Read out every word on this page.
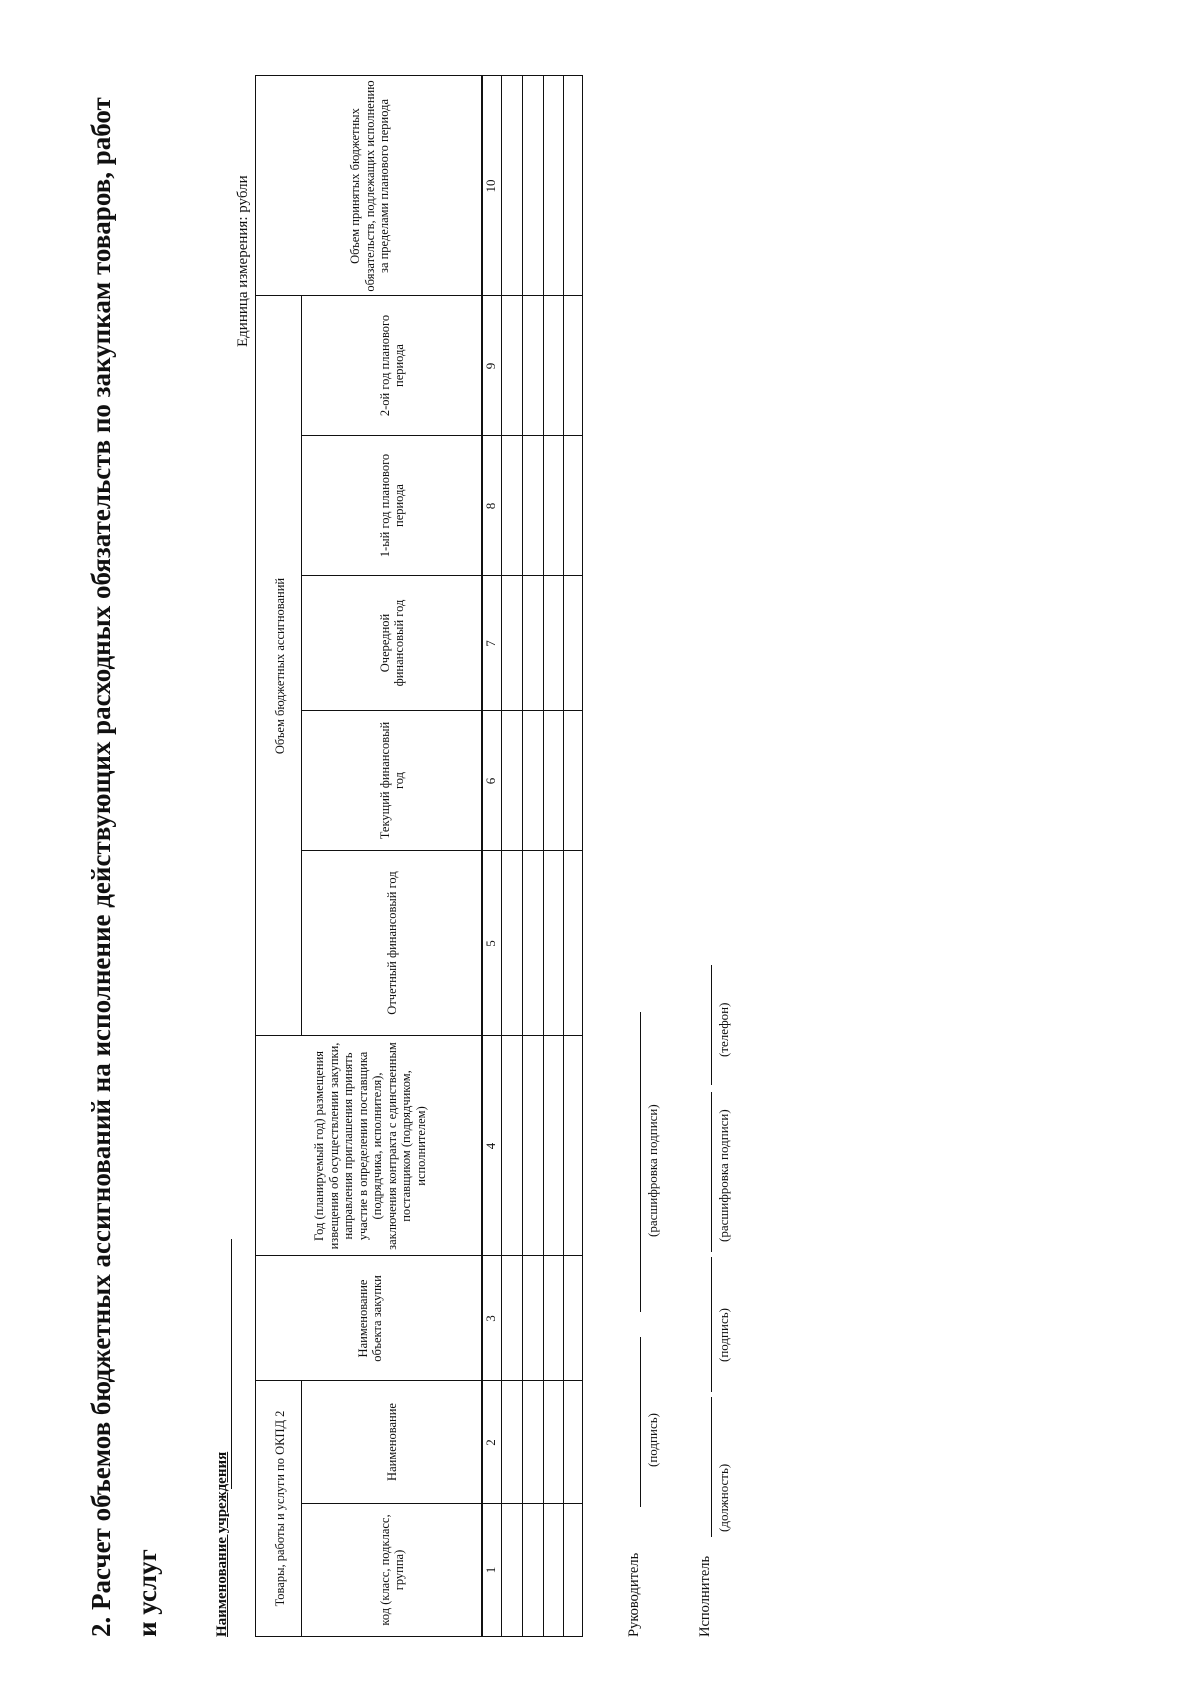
2. Расчет объемов бюджетных ассигнований на исполнение действующих расходных обязательств по закупкам товаров, работ и услуг	Наименование учреждения
Единица измерения: рубли
Товары, работы и услуги по ОКПД 2	код (класс, подкласс, группа)
Наименование
Наименование объекта закупки
Год (планируемый год) размещения извещения об осуществлении закупки, направления приглашения принять участие в определении поставщика (подрядчика, исполнителя), заключения контракта с единственным поставщиком (подрядчиком, исполнителем)
Объем бюджетных ассигнований
Отчетный финансовый год
Текущий финансовый год
Очередной финансовый год
1-ый год планового периода
2-ой год планового периода
Объем принятых бюджетных обязательств, подлежащих исполнению за пределами планового периода
1
2
3
4
5
6
7
8
9
10
Руководитель
(подпись)
(расшифровка подписи)
Исполнитель
(должность)
(подпись)
(расшифровка подписи)
(телефон)
